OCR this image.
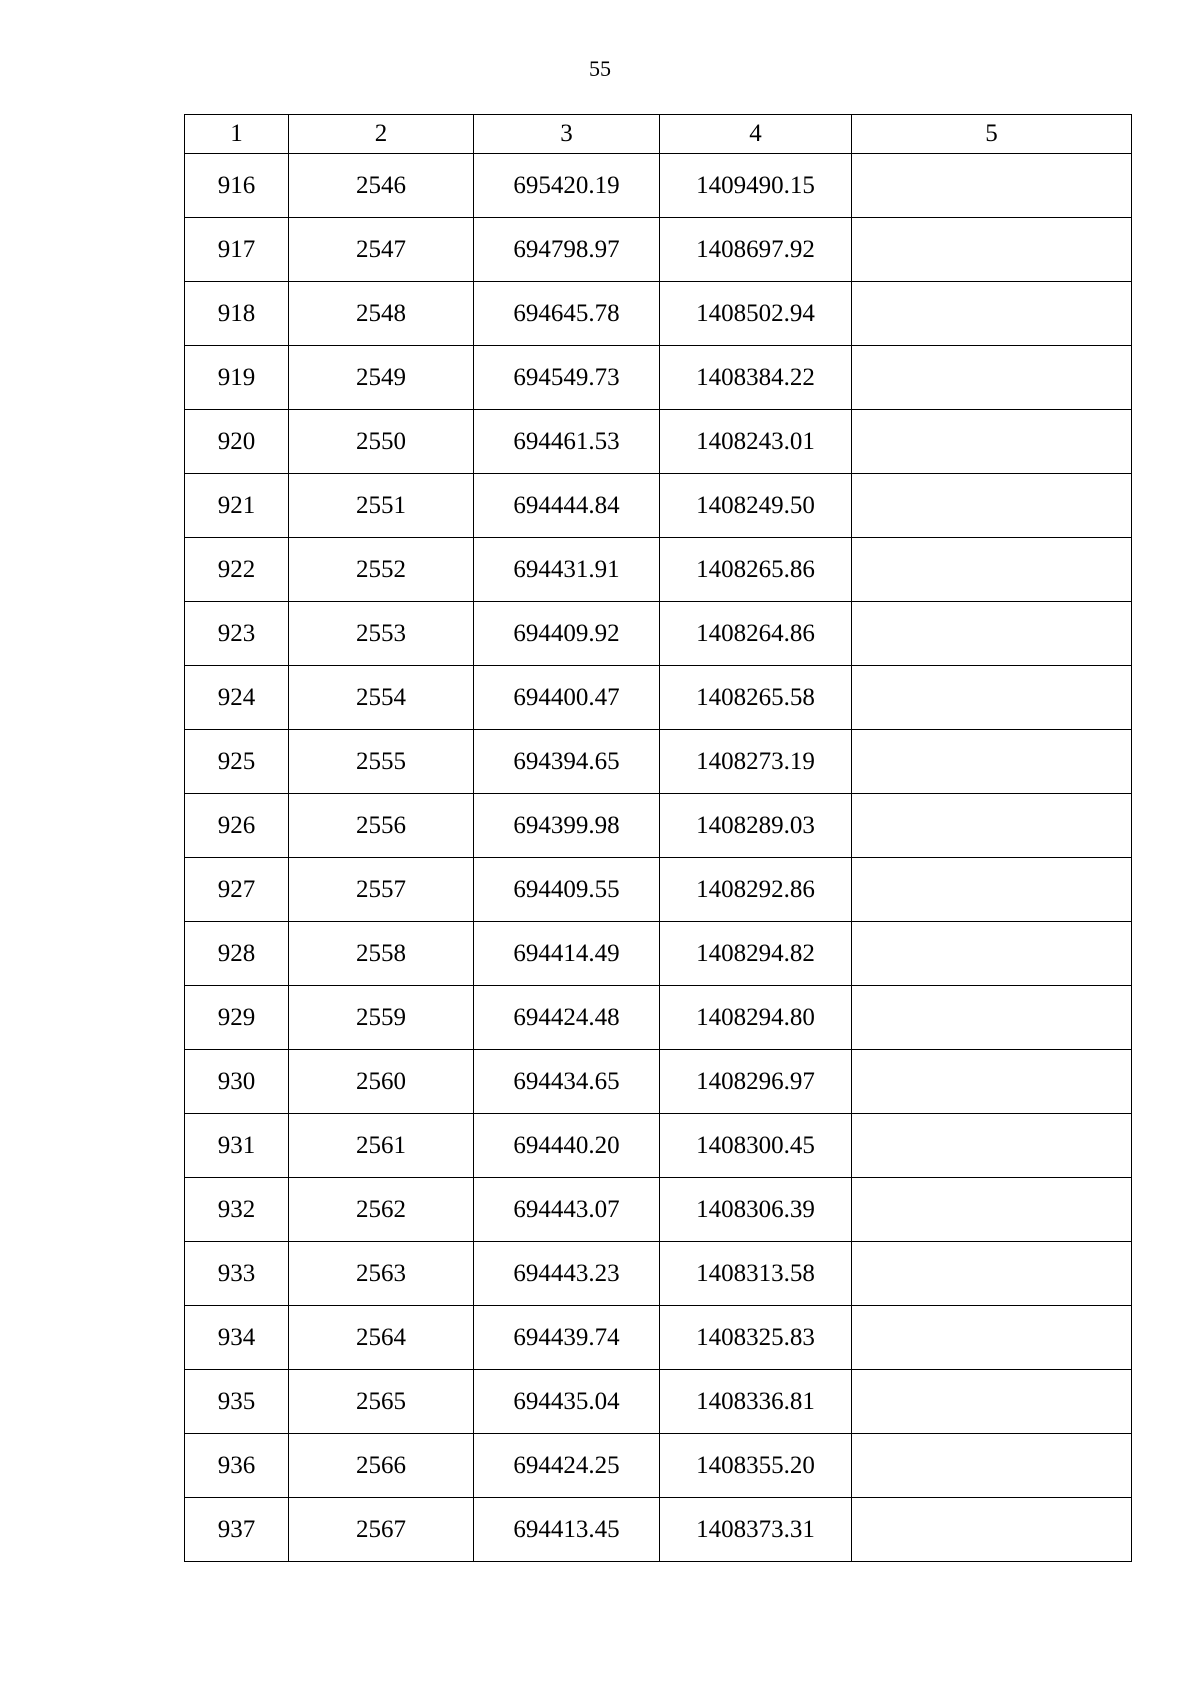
55
1	2	3	4	5
916	2546	695420.19	1409490.15	
917	2547	694798.97	1408697.92	
918	2548	694645.78	1408502.94	
919	2549	694549.73	1408384.22	
920	2550	694461.53	1408243.01	
921	2551	694444.84	1408249.50	
922	2552	694431.91	1408265.86	
923	2553	694409.92	1408264.86	
924	2554	694400.47	1408265.58	
925	2555	694394.65	1408273.19	
926	2556	694399.98	1408289.03	
927	2557	694409.55	1408292.86	
928	2558	694414.49	1408294.82	
929	2559	694424.48	1408294.80	
930	2560	694434.65	1408296.97	
931	2561	694440.20	1408300.45	
932	2562	694443.07	1408306.39	
933	2563	694443.23	1408313.58	
934	2564	694439.74	1408325.83	
935	2565	694435.04	1408336.81	
936	2566	694424.25	1408355.20	
937	2567	694413.45	1408373.31	
